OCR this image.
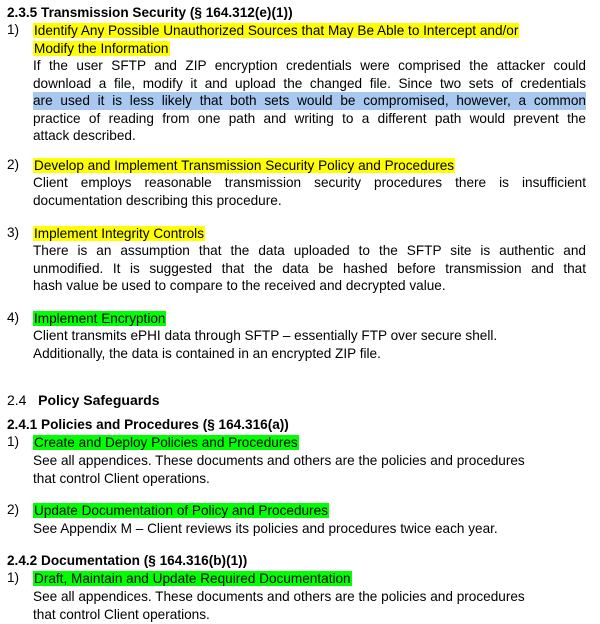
2.3.5 Transmission Security (§ 164.312(e)(1))
1) Identify Any Possible Unauthorized Sources that May Be Able to Intercept and/or
Modify the Information
If the user SFTP and ZIP encryption credentials were comprised the attacker could
download a file, modify it and upload the changed file. Since two sets of credentials
are used it is less likely that both sets would be compromised, however, a common
practice of reading from one path and writing to a different path would prevent the
attack described.
2) Develop and Implement Transmission Security Policy and Procedures
Client employs reasonable transmission security procedures there is insufficient
documentation describing this procedure.
3) Implement Integrity Controls
There is an assumption that the data uploaded to the SFTP site is authentic and
unmodified. It is suggested that the data be hashed before transmission and that
hash value be used to compare to the received and decrypted value.
4) Implement Encryption
Client transmits ePHI data through SFTP – essentially FTP over secure shell.
Additionally, the data is contained in an encrypted ZIP file.
2.4 Policy Safeguards
2.4.1 Policies and Procedures (§ 164.316(a))
1) Create and Deploy Policies and Procedures
See all appendices. These documents and others are the policies and procedures
that control Client operations.
2) Update Documentation of Policy and Procedures
See Appendix M – Client reviews its policies and procedures twice each year.
2.4.2 Documentation (§ 164.316(b)(1))
1) Draft, Maintain and Update Required Documentation
See all appendices. These documents and others are the policies and procedures
that control Client operations.
